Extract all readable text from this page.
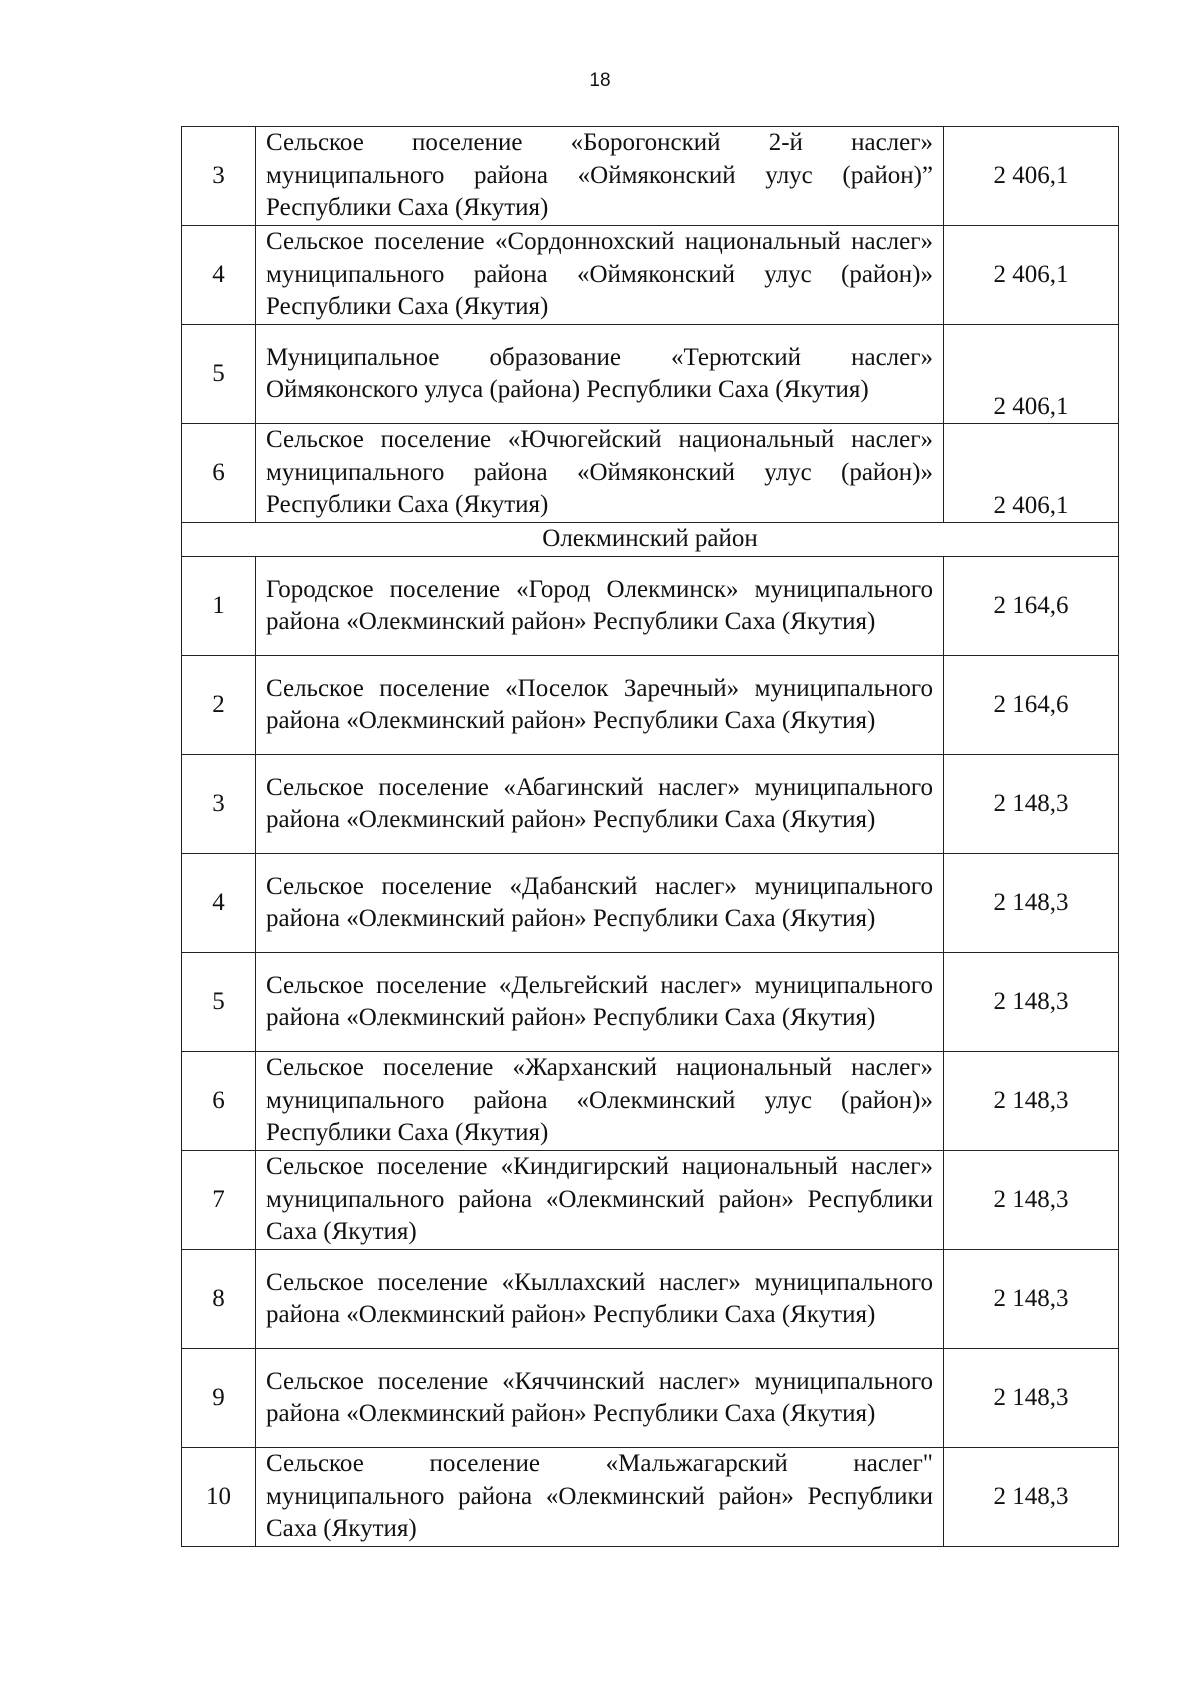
18
3	Сельское поселение «Борогонский 2-й наслег» муниципального района «Оймяконский улус (район)” Республики Саха (Якутия)	2 406,1
4	Сельское поселение «Сордоннохский национальный наслег» муниципального района «Оймяконский улус (район)» Республики Саха (Якутия)	2 406,1
5	Муниципальное образование «Терютский наслег» Оймяконского улуса (района) Республики Саха (Якутия)	2 406,1
6	Сельское поселение «Ючюгейский национальный наслег» муниципального района «Оймяконский улус (район)» Республики Саха (Якутия)	2 406,1
Олекминский район		
1	Городское поселение «Город Олекминск» муниципального района «Олекминский район» Республики Саха (Якутия)	2 164,6
2	Сельское поселение «Поселок Заречный» муниципального района «Олекминский район» Республики Саха (Якутия)	2 164,6
3	Сельское поселение «Абагинский наслег» муниципального района «Олекминский район» Республики Саха (Якутия)	2 148,3
4	Сельское поселение «Дабанский наслег» муниципального района «Олекминский район» Республики Саха (Якутия)	2 148,3
5	Сельское поселение «Дельгейский наслег» муниципального района «Олекминский район» Республики Саха (Якутия)	2 148,3
6	Сельское поселение «Жарханский национальный наслег» муниципального района «Олекминский улус (район)» Республики Саха (Якутия)	2 148,3
7	Сельское поселение «Киндигирский национальный наслег» муниципального района «Олекминский район» Республики Саха (Якутия)	2 148,3
8	Сельское поселение «Кыллахский наслег» муниципального района «Олекминский район» Республики Саха (Якутия)	2 148,3
9	Сельское поселение «Кяччинский наслег» муниципального района «Олекминский район» Республики Саха (Якутия)	2 148,3
10	Сельское поселение «Мальжагарский наслег" муниципального района «Олекминский район» Республики Саха (Якутия)	2 148,3
